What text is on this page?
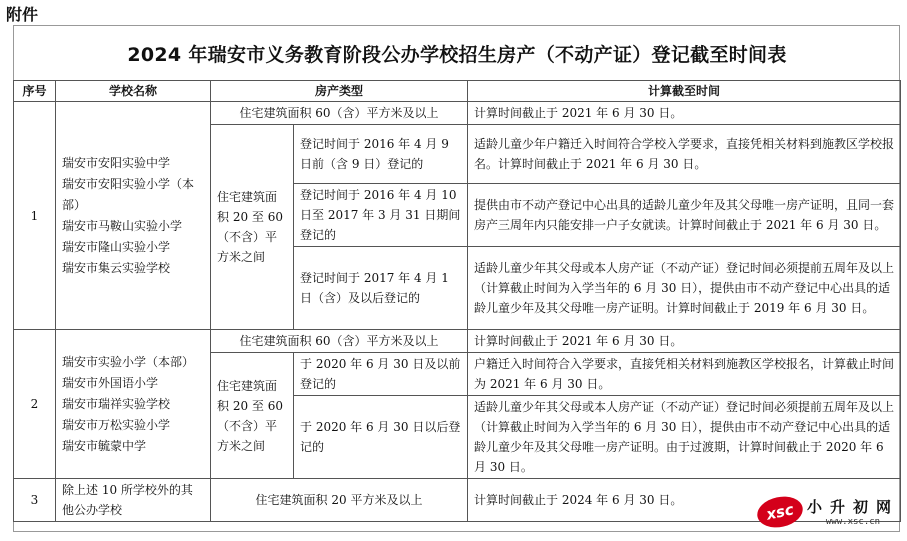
附件
2024 年瑞安市义务教育阶段公办学校招生房产（不动产证）登记截至时间表
序号	学校名称	房产类型		计算截至时间
1	瑞安市安阳实验中学
瑞安市安阳实验小学（本部）
瑞安市马鞍山实验小学
瑞安市隆山实验小学
瑞安市集云实验学校	住宅建筑面积 60（含）平方米及以上		计算时间截止于 2021 年 6 月 30 日。
		住宅建筑面积 20 至 60（不含）平方米之间	登记时间于 2016 年 4 月 9 日前（含 9 日）登记的	适龄儿童少年户籍迁入时间符合学校入学要求，直接凭相关材料到施教区学校报名。计算时间截止于 2021 年 6 月 30 日。
			登记时间于 2016 年 4 月 10 日至 2017 年 3 月 31 日期间登记的	提供由市不动产登记中心出具的适龄儿童少年及其父母唯一房产证明，且同一套房产三周年内只能安排一户子女就读。计算时间截止于 2021 年 6 月 30 日。
			登记时间于 2017 年 4 月 1 日（含）及以后登记的	适龄儿童少年其父母或本人房产证（不动产证）登记时间必须提前五周年及以上（计算截止时间为入学当年的 6 月 30 日），提供由市不动产登记中心出具的适龄儿童少年及其父母唯一房产证明。计算时间截止于 2019 年 6 月 30 日。
2	瑞安市实验小学（本部）
瑞安市外国语小学
瑞安市瑞祥实验学校
瑞安市万松实验小学
瑞安市毓蒙中学	住宅建筑面积 60（含）平方米及以上		计算时间截止于 2021 年 6 月 30 日。
		住宅建筑面积 20 至 60（不含）平方米之间	于 2020 年 6 月 30 日及以前登记的	户籍迁入时间符合入学要求，直接凭相关材料到施教区学校报名，计算截止时间为 2021 年 6 月 30 日。
			于 2020 年 6 月 30 日以后登记的	适龄儿童少年其父母或本人房产证（不动产证）登记时间必须提前五周年及以上（计算截止时间为入学当年的 6 月 30 日），提供由市不动产登记中心出具的适龄儿童少年及其父母唯一房产证明。由于过渡期，计算时间截止于 2020 年 6 月 30 日。
3	除上述 10 所学校外的其他公办学校	住宅建筑面积 20 平方米及以上		计算时间截止于 2024 年 6 月 30 日。	xsc 小升初网
www.xsc.cn
